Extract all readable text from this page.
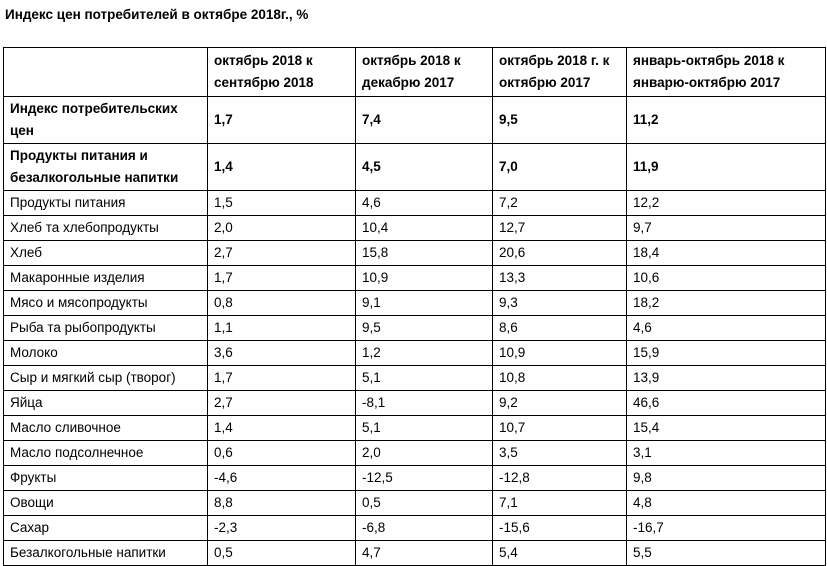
Индекс цен потребителей в октябре 2018г., %
	октябрь 2018 к сентябрю 2018	октябрь 2018 к декабрю 2017	октябрь 2018 г. к октябрю 2017	январь-октябрь 2018 к январю-октябрю 2017
Индекс потребительских цен	1,7	7,4	9,5	11,2
Продукты питания и безалкогольные напитки	1,4	4,5	7,0	11,9
Продукты питания	1,5	4,6	7,2	12,2
Хлеб та хлебопродукты	2,0	10,4	12,7	9,7
Хлеб	2,7	15,8	20,6	18,4
Макаронные изделия	1,7	10,9	13,3	10,6
Мясо и мясопродукты	0,8	9,1	9,3	18,2
Рыба та рыбопродукты	1,1	9,5	8,6	4,6
Молоко	3,6	1,2	10,9	15,9
Сыр и мягкий сыр (творог)	1,7	5,1	10,8	13,9
Яйца	2,7	-8,1	9,2	46,6
Масло сливочное	1,4	5,1	10,7	15,4
Масло подсолнечное	0,6	2,0	3,5	3,1
Фрукты	-4,6	-12,5	-12,8	9,8
Овощи	8,8	0,5	7,1	4,8
Сахар	-2,3	-6,8	-15,6	-16,7
Безалкогольные напитки	0,5	4,7	5,4	5,5
